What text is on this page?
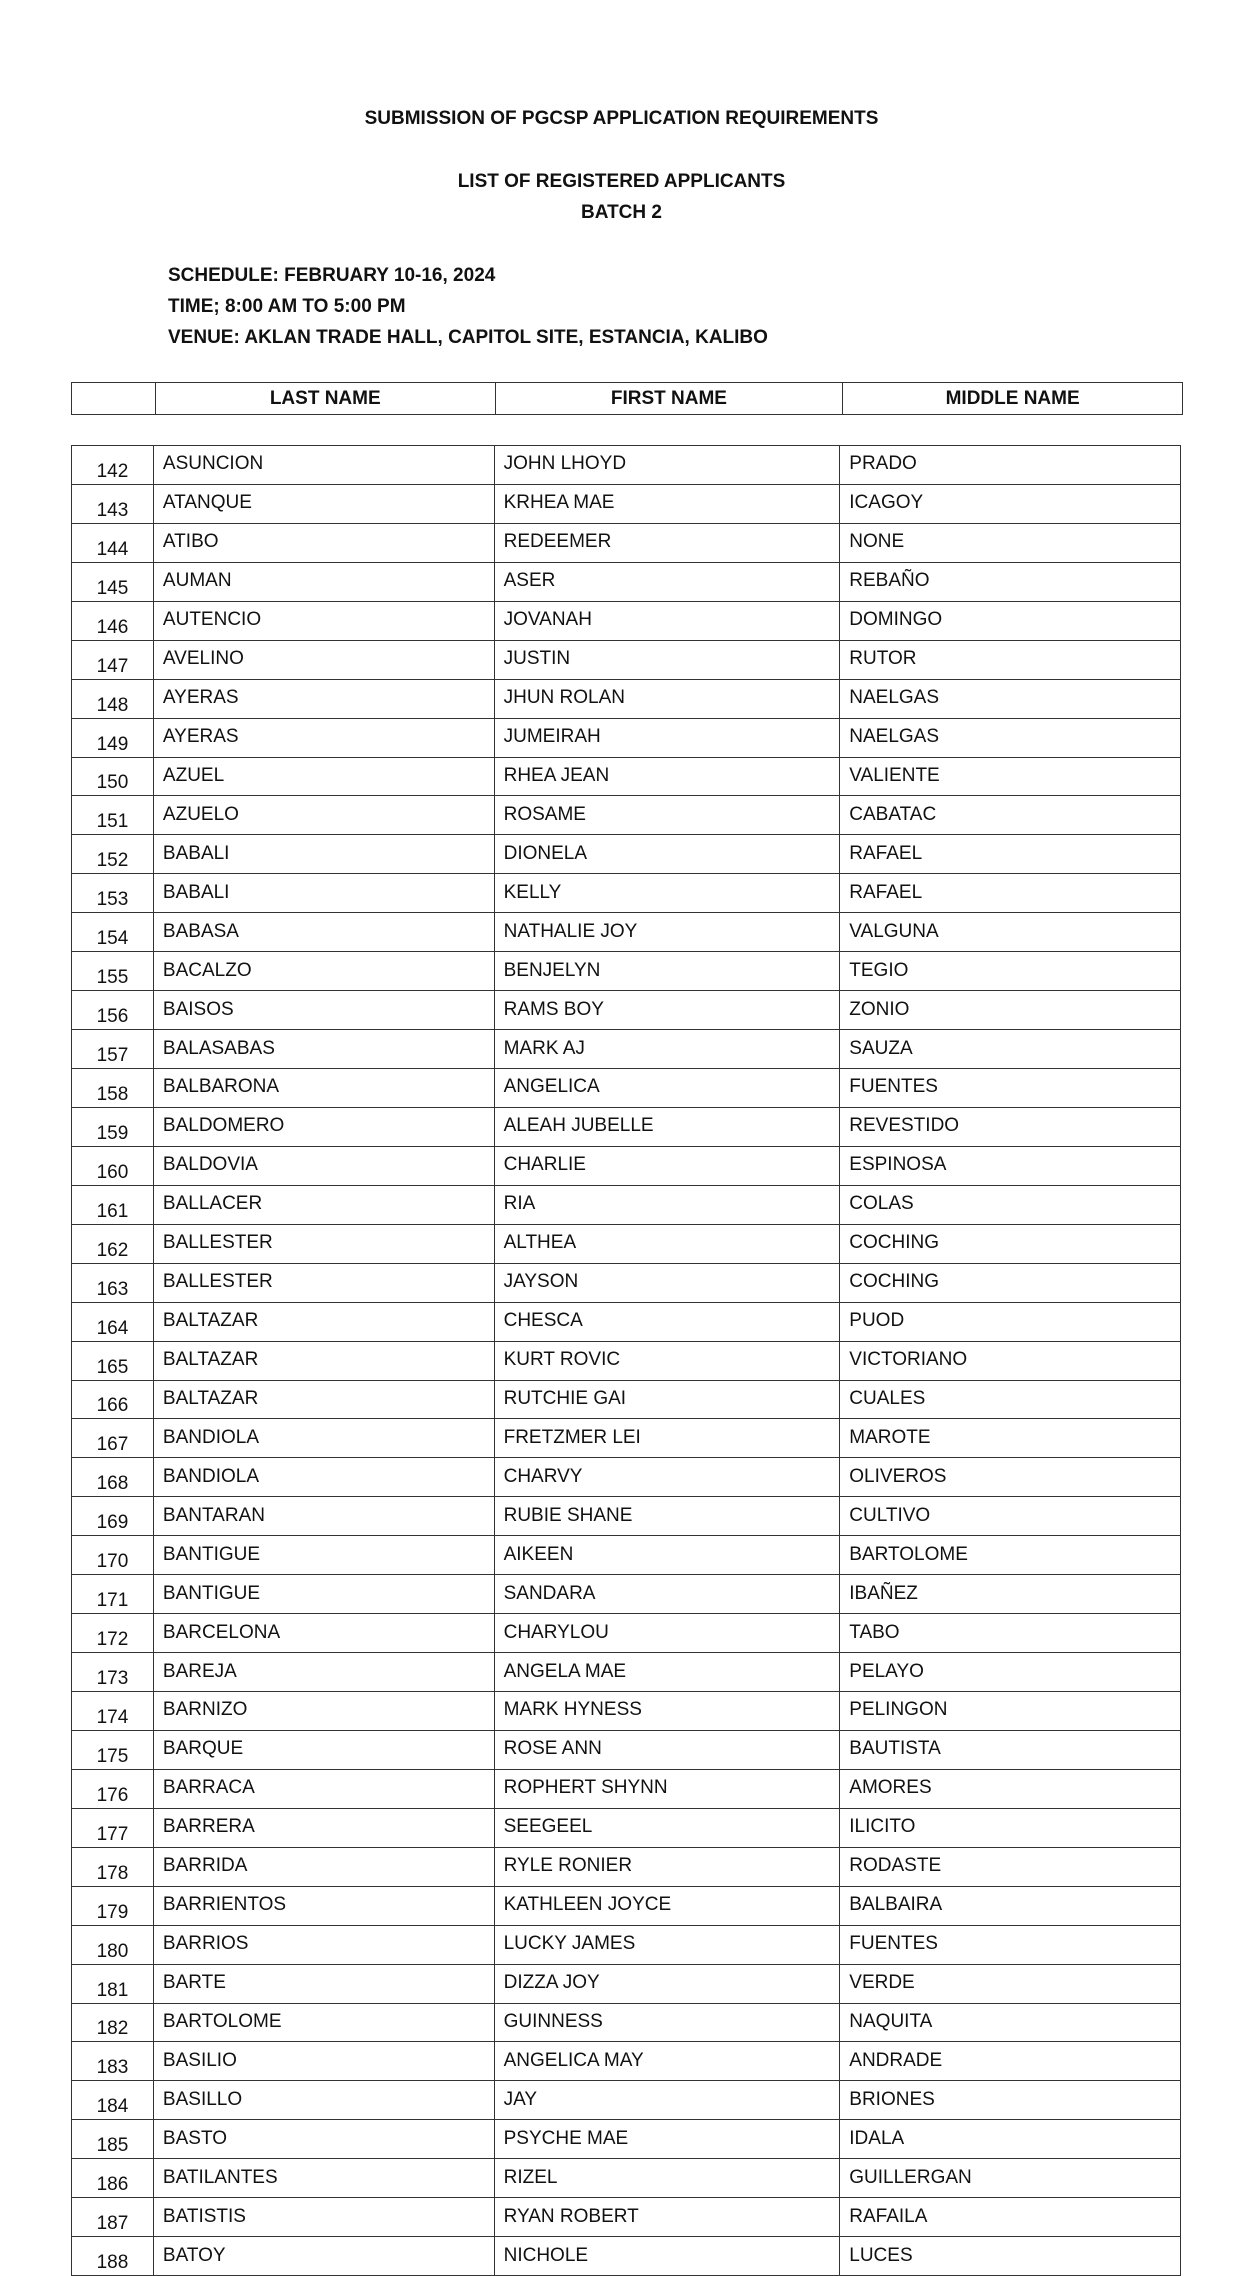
SUBMISSION OF PGCSP APPLICATION REQUIREMENTS
LIST OF REGISTERED APPLICANTS
BATCH 2
SCHEDULE: FEBRUARY 10-16, 2024
TIME; 8:00 AM TO 5:00 PM
VENUE: AKLAN TRADE HALL, CAPITOL SITE, ESTANCIA, KALIBO
	LAST NAME	FIRST NAME	MIDDLE NAME
142	ASUNCION	JOHN LHOYD	PRADO
143	ATANQUE	KRHEA MAE	ICAGOY
144	ATIBO	REDEEMER	NONE
145	AUMAN	ASER	REBAÑO
146	AUTENCIO	JOVANAH	DOMINGO
147	AVELINO	JUSTIN	RUTOR
148	AYERAS	JHUN ROLAN	NAELGAS
149	AYERAS	JUMEIRAH	NAELGAS
150	AZUEL	RHEA JEAN	VALIENTE
151	AZUELO	ROSAME	CABATAC
152	BABALI	DIONELA	RAFAEL
153	BABALI	KELLY	RAFAEL
154	BABASA	NATHALIE JOY	VALGUNA
155	BACALZO	BENJELYN	TEGIO
156	BAISOS	RAMS BOY	ZONIO
157	BALASABAS	MARK AJ	SAUZA
158	BALBARONA	ANGELICA	FUENTES
159	BALDOMERO	ALEAH JUBELLE	REVESTIDO
160	BALDOVIA	CHARLIE	ESPINOSA
161	BALLACER	RIA	COLAS
162	BALLESTER	ALTHEA	COCHING
163	BALLESTER	JAYSON	COCHING
164	BALTAZAR	CHESCA	PUOD
165	BALTAZAR	KURT ROVIC	VICTORIANO
166	BALTAZAR	RUTCHIE GAI	CUALES
167	BANDIOLA	FRETZMER LEI	MAROTE
168	BANDIOLA	CHARVY	OLIVEROS
169	BANTARAN	RUBIE SHANE	CULTIVO
170	BANTIGUE	AIKEEN	BARTOLOME
171	BANTIGUE	SANDARA	IBAÑEZ
172	BARCELONA	CHARYLOU	TABO
173	BAREJA	ANGELA MAE	PELAYO
174	BARNIZO	MARK HYNESS	PELINGON
175	BARQUE	ROSE ANN	BAUTISTA
176	BARRACA	ROPHERT SHYNN	AMORES
177	BARRERA	SEEGEEL	ILICITO
178	BARRIDA	RYLE RONIER	RODASTE
179	BARRIENTOS	KATHLEEN JOYCE	BALBAIRA
180	BARRIOS	LUCKY JAMES	FUENTES
181	BARTE	DIZZA JOY	VERDE
182	BARTOLOME	GUINNESS	NAQUITA
183	BASILIO	ANGELICA MAY	ANDRADE
184	BASILLO	JAY	BRIONES
185	BASTO	PSYCHE MAE	IDALA
186	BATILANTES	RIZEL	GUILLERGAN
187	BATISTIS	RYAN ROBERT	RAFAILA
188	BATOY	NICHOLE	LUCES
